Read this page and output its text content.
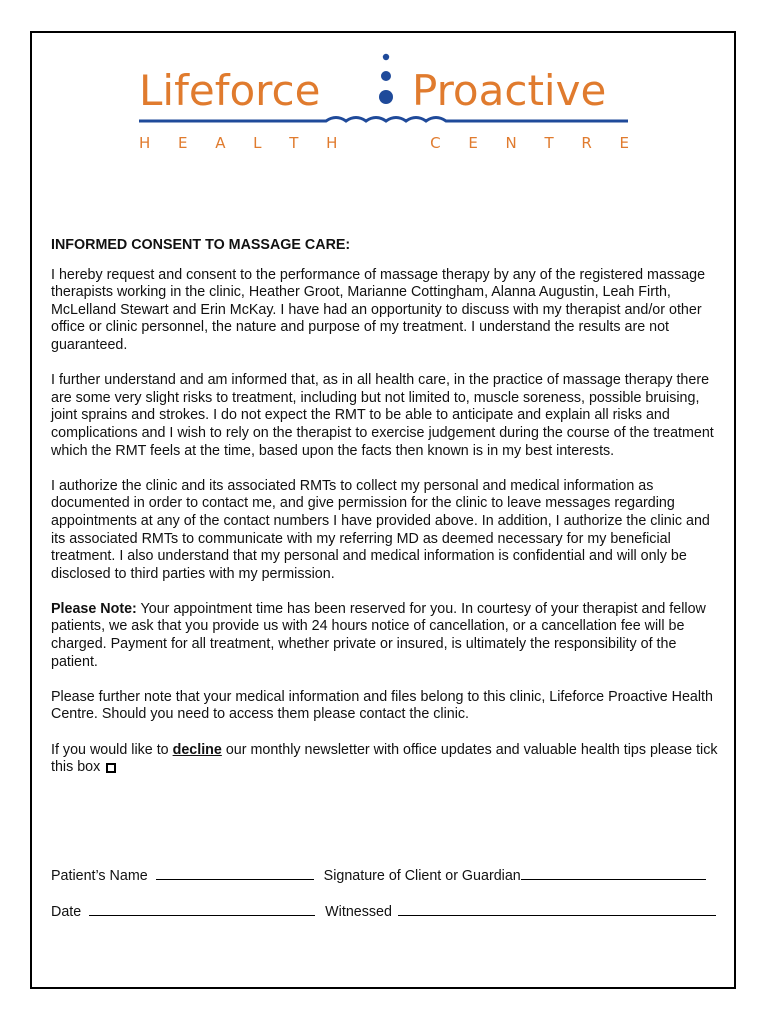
Lifeforce Proactive
H E A L T H     C E N T R E

INFORMED CONSENT TO MASSAGE CARE:

I hereby request and consent to the performance of massage therapy by any of the registered massage therapists working in the clinic, Heather Groot, Marianne Cottingham, Alanna Augustin, Leah Firth, McLelland Stewart and Erin McKay. I have had an opportunity to discuss with my therapist and/or other office or clinic personnel, the nature and purpose of my treatment. I understand the results are not guaranteed.

I further understand and am informed that, as in all health care, in the practice of massage therapy there are some very slight risks to treatment, including but not limited to, muscle soreness, possible bruising, joint sprains and strokes. I do not expect the RMT to be able to anticipate and explain all risks and complications and I wish to rely on the therapist to exercise judgement during the course of the treatment which the RMT feels at the time, based upon the facts then known is in my best interests.

I authorize the clinic and its associated RMTs to collect my personal and medical information as documented in order to contact me, and give permission for the clinic to leave messages regarding appointments at any of the contact numbers I have provided above. In addition, I authorize the clinic and its associated RMTs to communicate with my referring MD as deemed necessary for my beneficial treatment. I also understand that my personal and medical information is confidential and will only be disclosed to third parties with my permission.

Please Note: Your appointment time has been reserved for you. In courtesy of your therapist and fellow patients, we ask that you provide us with 24 hours notice of cancellation, or a cancellation fee will be charged. Payment for all treatment, whether private or insured, is ultimately the responsibility of the patient.

Please further note that your medical information and files belong to this clinic, Lifeforce Proactive Health Centre. Should you need to access them please contact the clinic.

If you would like to decline our monthly newsletter with office updates and valuable health tips please tick this box

Patient’s Name	Signature of Client or Guardian
Date	Witnessed
